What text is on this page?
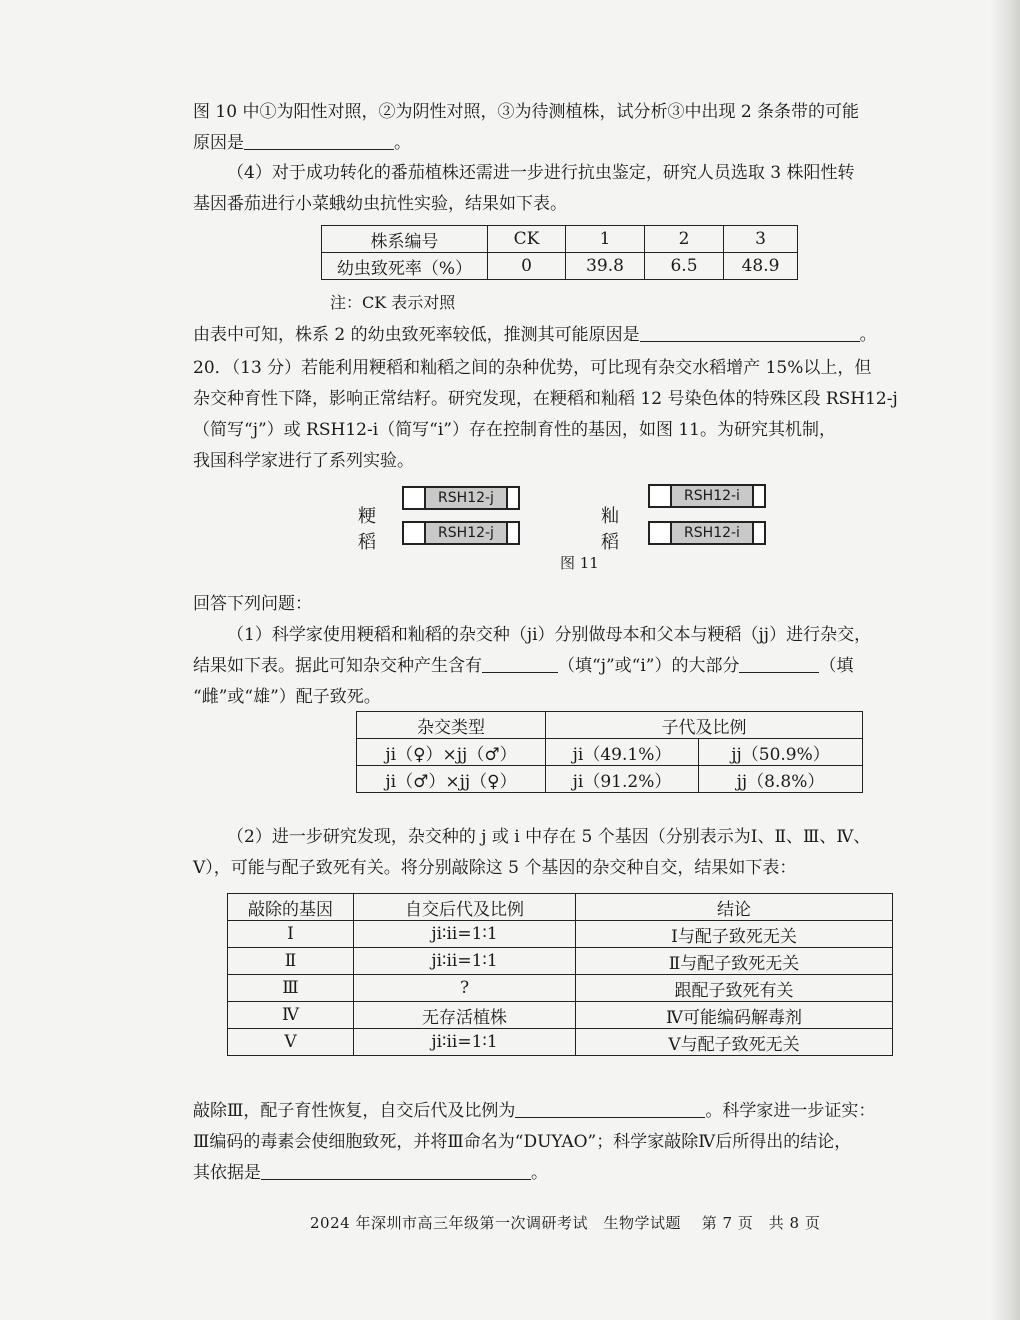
图 10 中①为阳性对照，②为阴性对照，③为待测植株，试分析③中出现 2 条条带的可能
原因是	。
（4）对于成功转化的番茄植株还需进一步进行抗虫鉴定，研究人员选取 3 株阳性转
基因番茄进行小菜蛾幼虫抗性实验，结果如下表。
株系编号	CK	1	2	3
幼虫致死率（%）	0	39.8	6.5	48.9
注：CK 表示对照
由表中可知，株系 2 的幼虫致死率较低，推测其可能原因是	。
20．（13 分）若能利用粳稻和籼稻之间的杂种优势，可比现有杂交水稻增产 15%以上，但
杂交种育性下降，影响正常结籽。研究发现，在粳稻和籼稻 12 号染色体的特殊区段 RSH12-j
（简写“j”）或 RSH12-i（简写“i”）存在控制育性的基因，如图 11。为研究其机制，
我国科学家进行了系列实验。
粳稻
RSH12-j
RSH12-j
籼稻
RSH12-i
RSH12-i
图 11
回答下列问题：
（1）科学家使用粳稻和籼稻的杂交种（ji）分别做母本和父本与粳稻（jj）进行杂交，
结果如下表。据此可知杂交种产生含有	（填“j”或“i”）的大部分	（填
“雌”或“雄”）配子致死。
杂交类型	子代及比例	
ji（♀）×jj（♂）	ji（49.1%）	jj（50.9%）
ji（♂）×jj（♀）	ji（91.2%）	jj（8.8%）
（2）进一步研究发现，杂交种的 j 或 i 中存在 5 个基因（分别表示为Ⅰ、Ⅱ、Ⅲ、Ⅳ、
Ⅴ），可能与配子致死有关。将分别敲除这 5 个基因的杂交种自交，结果如下表：
敲除的基因	自交后代及比例	结论
Ⅰ	ji∶ii=1∶1	Ⅰ与配子致死无关
Ⅱ	ji∶ii=1∶1	Ⅱ与配子致死无关
Ⅲ	?	跟配子致死有关
Ⅳ	无存活植株	Ⅳ可能编码解毒剂
Ⅴ	ji∶ii=1∶1	Ⅴ与配子致死无关
敲除Ⅲ，配子育性恢复，自交后代及比例为	。科学家进一步证实：
Ⅲ编码的毒素会使细胞致死，并将Ⅲ命名为“DUYAO”；科学家敲除Ⅳ后所得出的结论，
其依据是	。
2024 年深圳市高三年级第一次调研考试　生物学试题　 第 7 页　共 8 页
